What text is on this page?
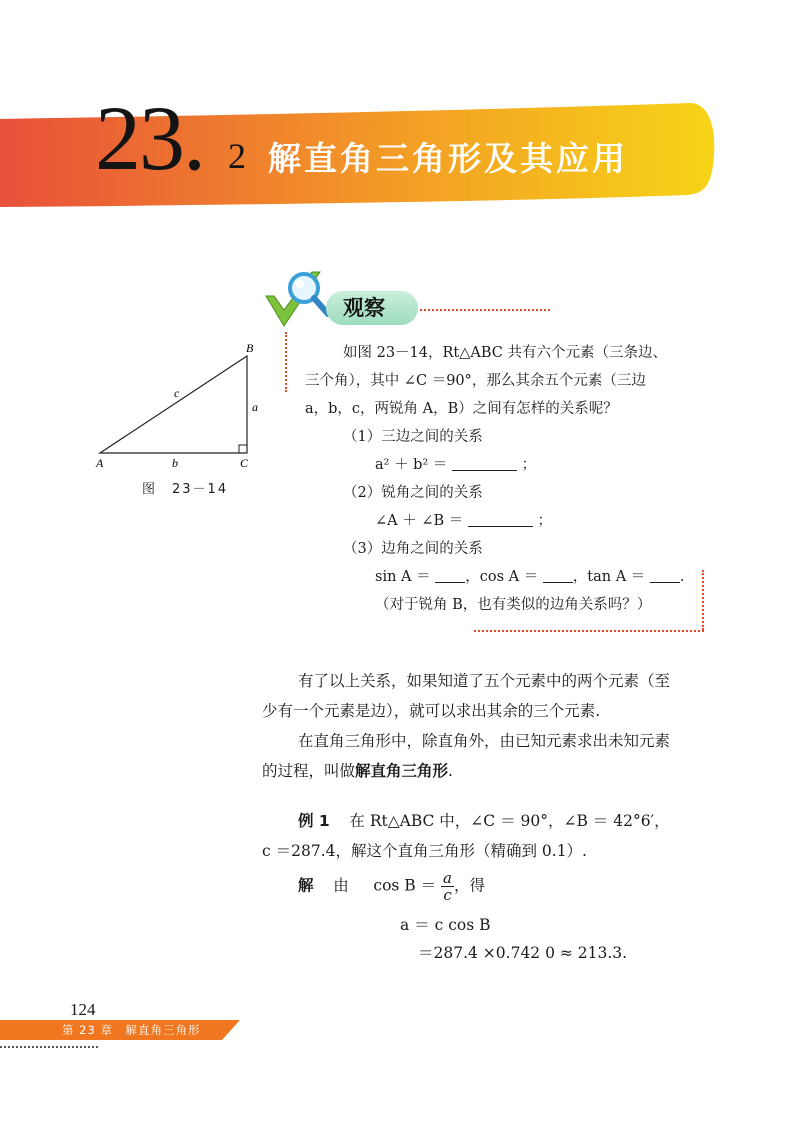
23. 2 解直角三角形及其应用
观察
如图 23－14，Rt△ABC 共有六个元素（三条边、
三个角），其中 ∠C ＝90°，那么其余五个元素（三边
a，b，c，两锐角 A，B）之间有怎样的关系呢？
（1）三边之间的关系
a² ＋ b² ＝	；
（2）锐角之间的关系
∠A ＋ ∠B ＝	；
（3）边角之间的关系
sin A ＝ ，cos A ＝ ，tan A ＝ .
（对于锐角 B，也有类似的边角关系吗？）
A
B
C
a
b
c
图　23－14
有了以上关系，如果知道了五个元素中的两个元素（至
少有一个元素是边），就可以求出其余的三个元素.
在直角三角形中，除直角外，由已知元素求出未知元素
的过程，叫做解直角三角形.
例 1 在 Rt△ABC 中，∠C ＝ 90°，∠B ＝ 42°6′，
c ＝287.4，解这个直角三角形（精确到 0.1）.
解 由 $\cos B = \frac{a}{c}$ ，得
a ＝ c cos B
＝287.4 ×0.742 0 ≈ 213.3.
124
第 23 章　解直角三角形
